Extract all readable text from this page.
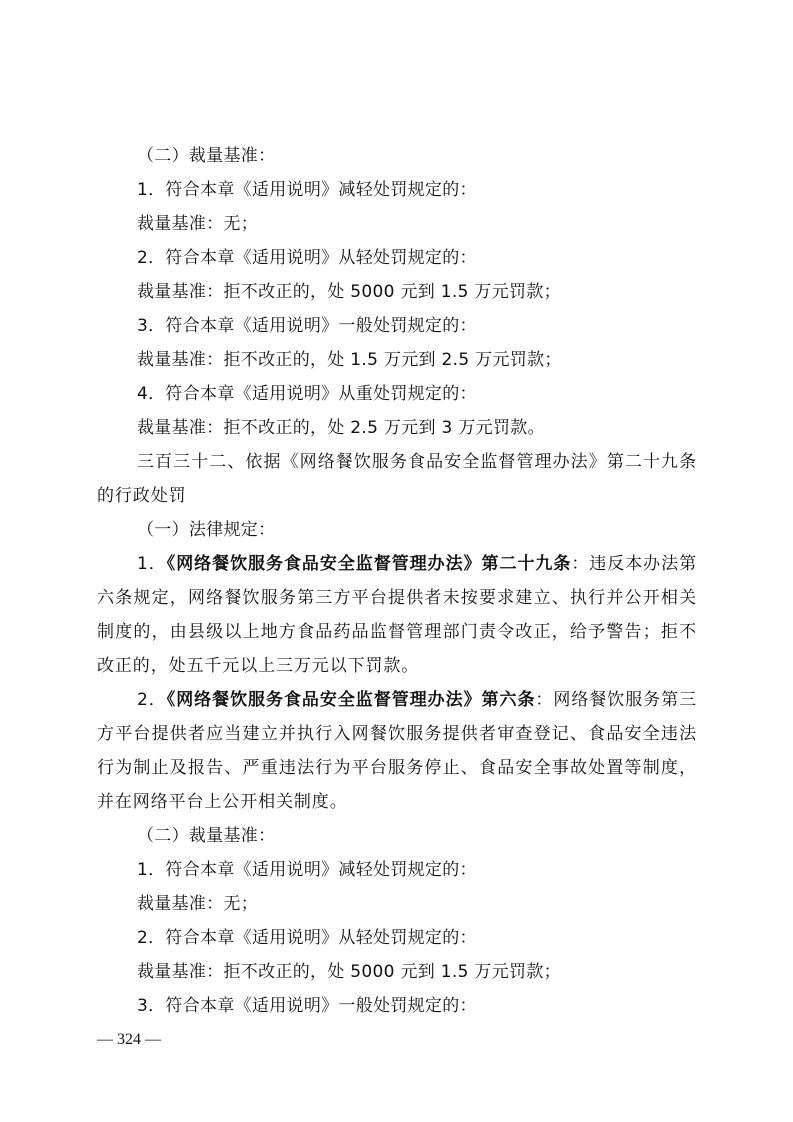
（二）裁量基准：

1．符合本章《适用说明》减轻处罚规定的：

裁量基准：无；

2．符合本章《适用说明》从轻处罚规定的：

裁量基准：拒不改正的，处 5000 元到 1.5 万元罚款；

3．符合本章《适用说明》一般处罚规定的：

裁量基准：拒不改正的，处 1.5 万元到 2.5 万元罚款；

4．符合本章《适用说明》从重处罚规定的：

裁量基准：拒不改正的，处 2.5 万元到 3 万元罚款。

三百三十二、依据《网络餐饮服务食品安全监督管理办法》第二十九条的行政处罚

（一）法律规定：

1．《网络餐饮服务食品安全监督管理办法》第二十九条：违反本办法第六条规定，网络餐饮服务第三方平台提供者未按要求建立、执行并公开相关制度的，由县级以上地方食品药品监督管理部门责令改正，给予警告；拒不改正的，处五千元以上三万元以下罚款。

2．《网络餐饮服务食品安全监督管理办法》第六条：网络餐饮服务第三方平台提供者应当建立并执行入网餐饮服务提供者审查登记、食品安全违法行为制止及报告、严重违法行为平台服务停止、食品安全事故处置等制度，并在网络平台上公开相关制度。

（二）裁量基准：

1．符合本章《适用说明》减轻处罚规定的：

裁量基准：无；

2．符合本章《适用说明》从轻处罚规定的：

裁量基准：拒不改正的，处 5000 元到 1.5 万元罚款；

3．符合本章《适用说明》一般处罚规定的：

— 324 —
